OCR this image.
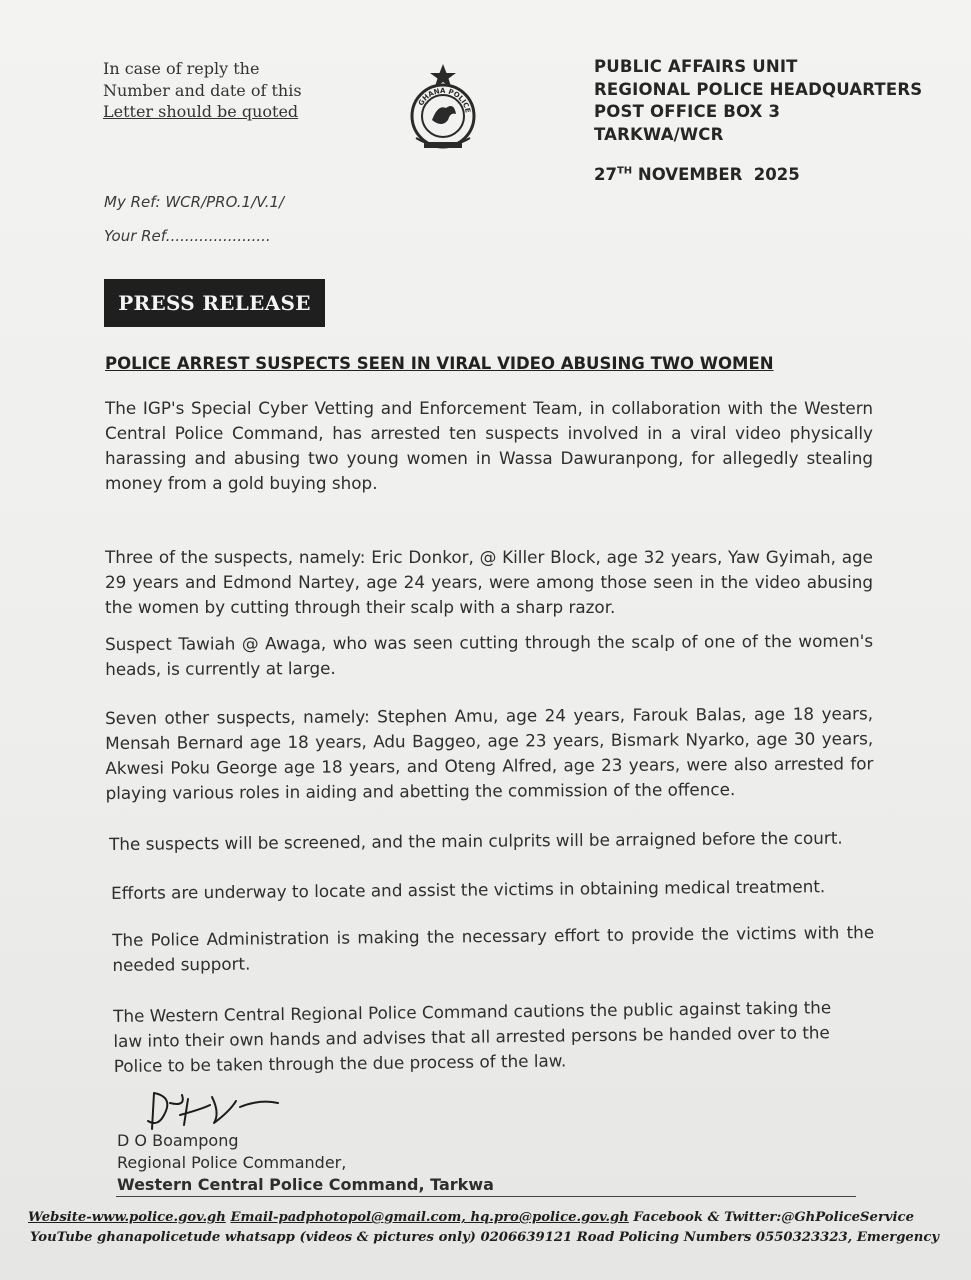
In case of reply the
Number and date of this
Letter should be quoted	GHANA POLICE
PUBLIC AFFAIRS UNIT
REGIONAL POLICE HEADQUARTERS
POST OFFICE BOX 3
TARKWA/WCR
27TH NOVEMBER  2025
My Ref: WCR/PRO.1/V.1/
Your Ref......................
PRESS RELEASE
POLICE ARREST SUSPECTS SEEN IN VIRAL VIDEO ABUSING TWO WOMEN
The IGP's Special Cyber Vetting and Enforcement Team, in collaboration with the Western Central Police Command, has arrested ten suspects involved in a viral video physically harassing and abusing two young women in Wassa Dawuranpong, for allegedly stealing money from a gold buying shop.
Three of the suspects, namely: Eric Donkor, @ Killer Block, age 32 years, Yaw Gyimah, age 29 years and Edmond Nartey, age 24 years, were among those seen in the video abusing the women by cutting through their scalp with a sharp razor.
Suspect Tawiah @ Awaga, who was seen cutting through the scalp of one of the women's heads, is currently at large.
Seven other suspects, namely: Stephen Amu, age 24 years, Farouk Balas, age 18 years, Mensah Bernard age 18 years, Adu Baggeo, age 23 years, Bismark Nyarko, age 30 years, Akwesi Poku George age 18 years, and Oteng Alfred, age 23 years, were also arrested for playing various roles in aiding and abetting the commission of the offence.
The suspects will be screened, and the main culprits will be arraigned before the court.
Efforts are underway to locate and assist the victims in obtaining medical treatment.
The Police Administration is making the necessary effort to provide the victims with the needed support.
The Western Central Regional Police Command cautions the public against taking the law into their own hands and advises that all arrested persons be handed over to the Police to be taken through the due process of the law.
D O Boampong
Regional Police Commander,
Western Central Police Command, Tarkwa
Website-www.police.gov.gh Email-padphotopol@gmail.com, hq.pro@police.gov.gh Facebook & Twitter:@GhPoliceService
YouTube ghanapolicetude whatsapp (videos & pictures only) 0206639121 Road Policing Numbers 0550323323, Emergency
